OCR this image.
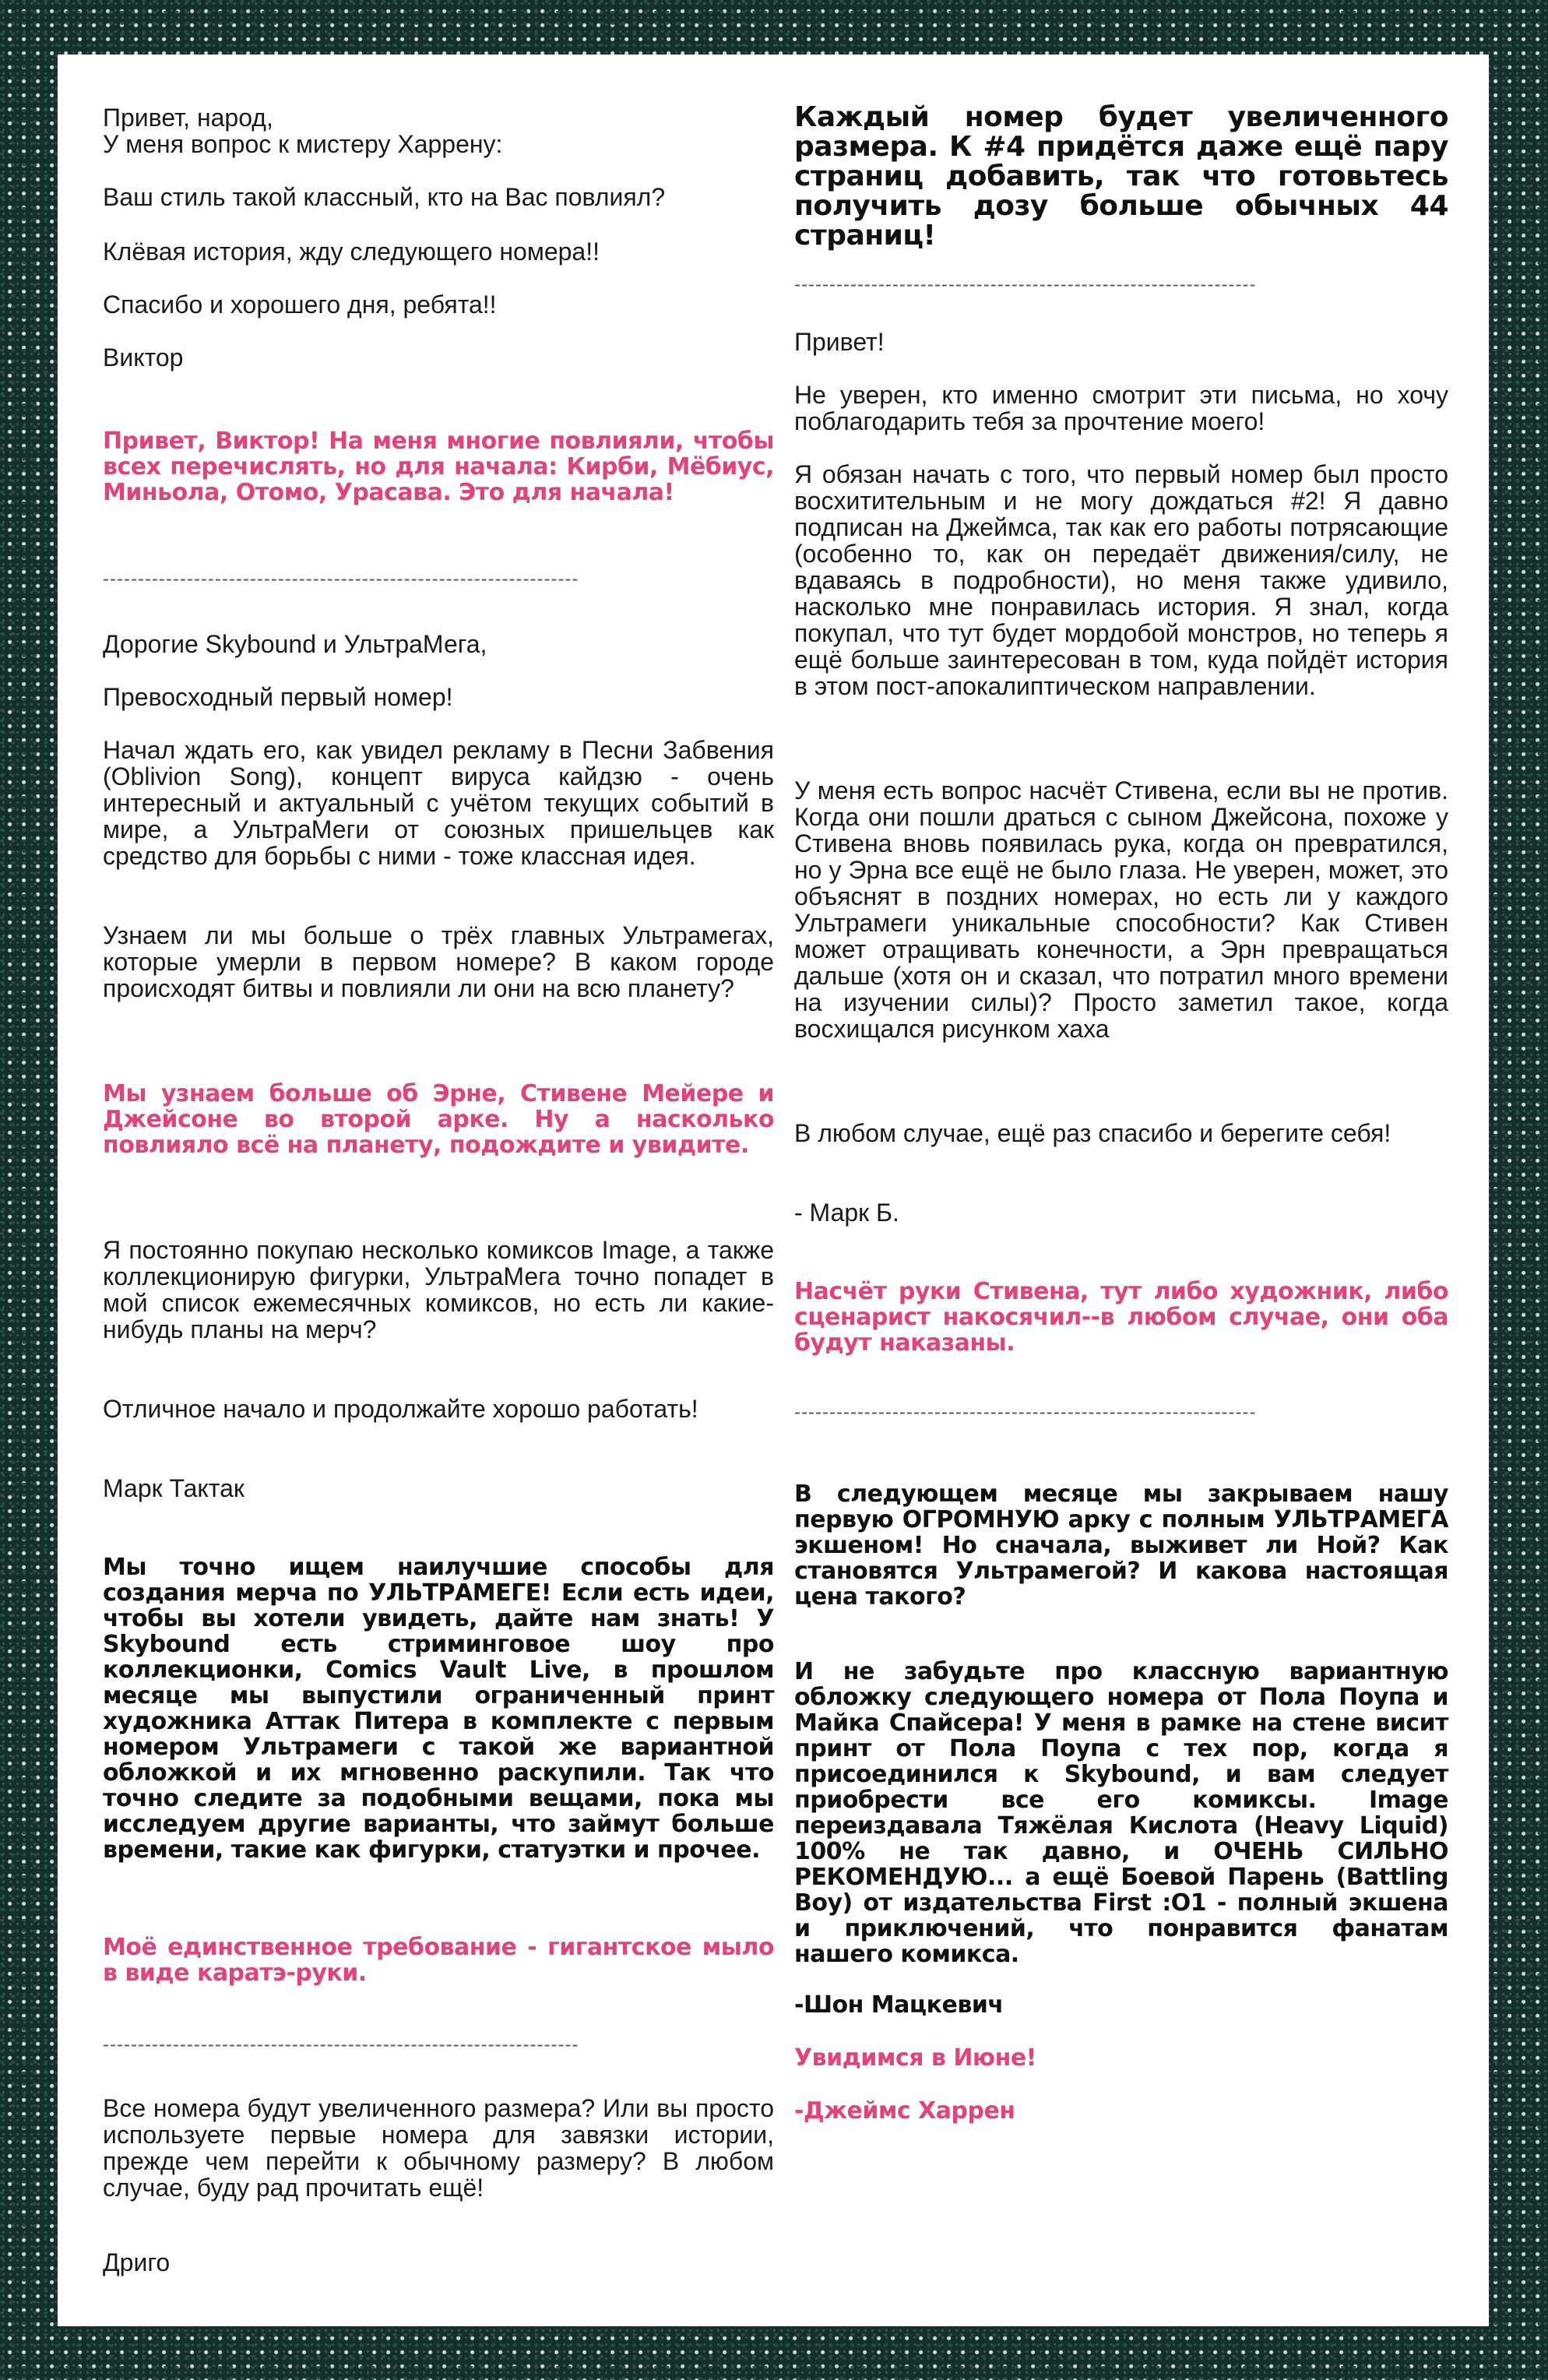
Привет, народ,
У меня вопрос к мистеру Харрену:

Ваш стиль такой классный, кто на Вас повлиял?

Клёвая история, жду следующего номера!!

Спасибо и хорошего дня, ребята!!

Виктор

Привет, Виктор! На меня многие повлияли, чтобы всех перечислять, но для начала: Кирби, Мёбиус, Миньола, Отомо, Урасава. Это для начала!

--------------------------------------------------------------------

Дорогие Skybound и УльтраМега,

Превосходный первый номер!

Начал ждать его, как увидел рекламу в Песни Забвения (Oblivion Song), концепт вируса кайдзю - очень интересный и актуальный с учётом текущих событий в мире, а УльтраМеги от союзных пришельцев как средство для борьбы с ними - тоже классная идея.

Узнаем ли мы больше о трёх главных Ультрамегах, которые умерли в первом номере? В каком городе происходят битвы и повлияли ли они на всю планету?

Мы узнаем больше об Эрне, Стивене Мейере и Джейсоне во второй арке. Ну а насколько повлияло всё на планету, подождите и увидите.

Я постоянно покупаю несколько комиксов Image, а также коллекционирую фигурки, УльтраМега точно попадет в мой список ежемесячных комиксов, но есть ли какие-нибудь планы на мерч?

Отличное начало и продолжайте хорошо работать!

Марк Тактак

Мы точно ищем наилучшие способы для создания мерча по УЛЬТРАМЕГЕ! Если есть идеи, чтобы вы хотели увидеть, дайте нам знать! У Skybound есть стриминговое шоу про коллекционки, Comics Vault Live, в прошлом месяце мы выпустили ограниченный принт художника Аттак Питера в комплекте с первым номером Ультрамеги с такой же вариантной обложкой и их мгновенно раскупили. Так что точно следите за подобными вещами, пока мы исследуем другие варианты, что займут больше времени, такие как фигурки, статуэтки и прочее.

Моё единственное требование - гигантское мыло в виде каратэ-руки.

--------------------------------------------------------------------

Все номера будут увеличенного размера? Или вы просто используете первые номера для завязки истории, прежде чем перейти к обычному размеру? В любом случае, буду рад прочитать ещё!

Дриго

Каждый номер будет увеличенного размера. К #4 придётся даже ещё пару страниц добавить, так что готовьтесь получить дозу больше обычных 44 страниц!

------------------------------------------------------------------

Привет!

Не уверен, кто именно смотрит эти письма, но хочу поблагодарить тебя за прочтение моего!

Я обязан начать с того, что первый номер был просто восхитительным и не могу дождаться #2! Я давно подписан на Джеймса, так как его работы потрясающие (особенно то, как он передаёт движения/силу, не вдаваясь в подробности), но меня также удивило, насколько мне понравилась история. Я знал, когда покупал, что тут будет мордобой монстров, но теперь я ещё больше заинтересован в том, куда пойдёт история в этом пост-апокалиптическом направлении.

У меня есть вопрос насчёт Стивена, если вы не против. Когда они пошли драться с сыном Джейсона, похоже у Стивена вновь появилась рука, когда он превратился, но у Эрна все ещё не было глаза. Не уверен, может, это объяснят в поздних номерах, но есть ли у каждого Ультрамеги уникальные способности? Как Стивен может отращивать конечности, а Эрн превращаться дальше (хотя он и сказал, что потратил много времени на изучении силы)? Просто заметил такое, когда восхищался рисунком хаха

В любом случае, ещё раз спасибо и берегите себя!

- Марк Б.

Насчёт руки Стивена, тут либо художник, либо сценарист накосячил--в любом случае, они оба будут наказаны.

------------------------------------------------------------------

В следующем месяце мы закрываем нашу первую ОГРОМНУЮ арку с полным УЛЬТРАМЕГА экшеном! Но сначала, выживет ли Ной? Как становятся Ультрамегой? И какова настоящая цена такого?

И не забудьте про классную вариантную обложку следующего номера от Пола Поупа и Майка Спайсера! У меня в рамке на стене висит принт от Пола Поупа с тех пор, когда я присоединился к Skybound, и вам следует приобрести все его комиксы. Image переиздавала Тяжёлая Кислота (Heavy Liquid) 100% не так давно, и ОЧЕНЬ СИЛЬНО РЕКОМЕНДУЮ... а ещё Боевой Парень (Battling Boy) от издательства First :O1 - полный экшена и приключений, что понравится фанатам нашего комикса.

-Шон Мацкевич

Увидимся в Июне!

-Джеймс Харрен
